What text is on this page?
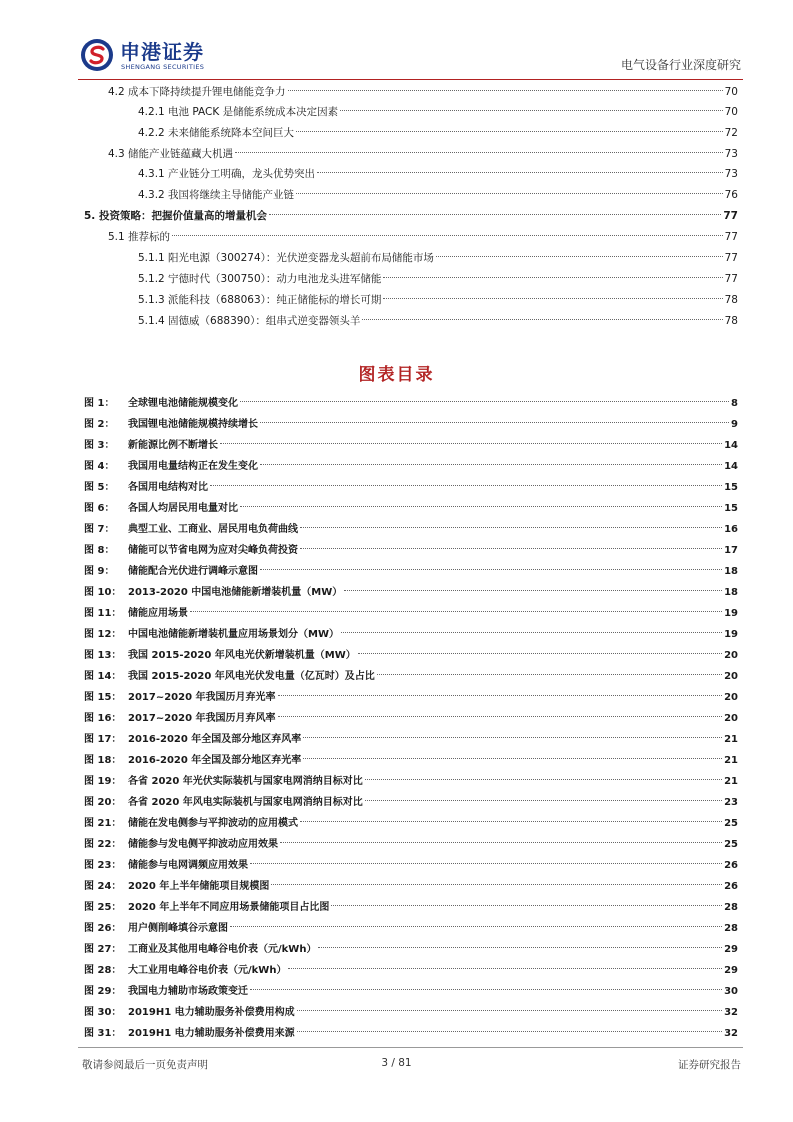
申港证券
SHENGANG SECURITIES	电气设备行业深度研究
4.2 成本下降持续提升锂电储能竞争力	70
4.2.1 电池 PACK 是储能系统成本决定因素	70
4.2.2 未来储能系统降本空间巨大	72
4.3 储能产业链蕴藏大机遇	73
4.3.1 产业链分工明确，龙头优势突出	73
4.3.2 我国将继续主导储能产业链	76
5. 投资策略：把握价值量高的增量机会	77
5.1 推荐标的	77
5.1.1 阳光电源（300274）：光伏逆变器龙头超前布局储能市场	77
5.1.2 宁德时代（300750）：动力电池龙头进军储能	77
5.1.3 派能科技（688063）：纯正储能标的增长可期	78
5.1.4 固德威（688390）：组串式逆变器领头羊	78
图表目录
图 1：	全球锂电池储能规模变化	8
图 2：	我国锂电池储能规模持续增长	9
图 3：	新能源比例不断增长	14
图 4：	我国用电量结构正在发生变化	14
图 5：	各国用电结构对比	15
图 6：	各国人均居民用电量对比	15
图 7：	典型工业、工商业、居民用电负荷曲线	16
图 8：	储能可以节省电网为应对尖峰负荷投资	17
图 9：	储能配合光伏进行调峰示意图	18
图 10： 2013-2020 中国电池储能新增装机量（MW）	18
图 11： 储能应用场景	19
图 12： 中国电池储能新增装机量应用场景划分（MW）	19
图 13： 我国 2015-2020 年风电光伏新增装机量（MW）	20
图 14： 我国 2015-2020 年风电光伏发电量（亿瓦时）及占比	20
图 15： 2017~2020 年我国历月弃光率	20
图 16： 2017~2020 年我国历月弃风率	20
图 17： 2016-2020 年全国及部分地区弃风率	21
图 18： 2016-2020 年全国及部分地区弃光率	21
图 19： 各省 2020 年光伏实际装机与国家电网消纳目标对比	21
图 20： 各省 2020 年风电实际装机与国家电网消纳目标对比	23
图 21： 储能在发电侧参与平抑波动的应用模式	25
图 22： 储能参与发电侧平抑波动应用效果	25
图 23： 储能参与电网调频应用效果	26
图 24： 2020 年上半年储能项目规模图	26
图 25： 2020 年上半年不同应用场景储能项目占比图	28
图 26： 用户侧削峰填谷示意图	28
图 27： 工商业及其他用电峰谷电价表（元/kWh）	29
图 28： 大工业用电峰谷电价表（元/kWh）	29
图 29： 我国电力辅助市场政策变迁	30
图 30： 2019H1 电力辅助服务补偿费用构成	32
图 31： 2019H1 电力辅助服务补偿费用来源	32
敬请参阅最后一页免责声明	3 / 81	证券研究报告
